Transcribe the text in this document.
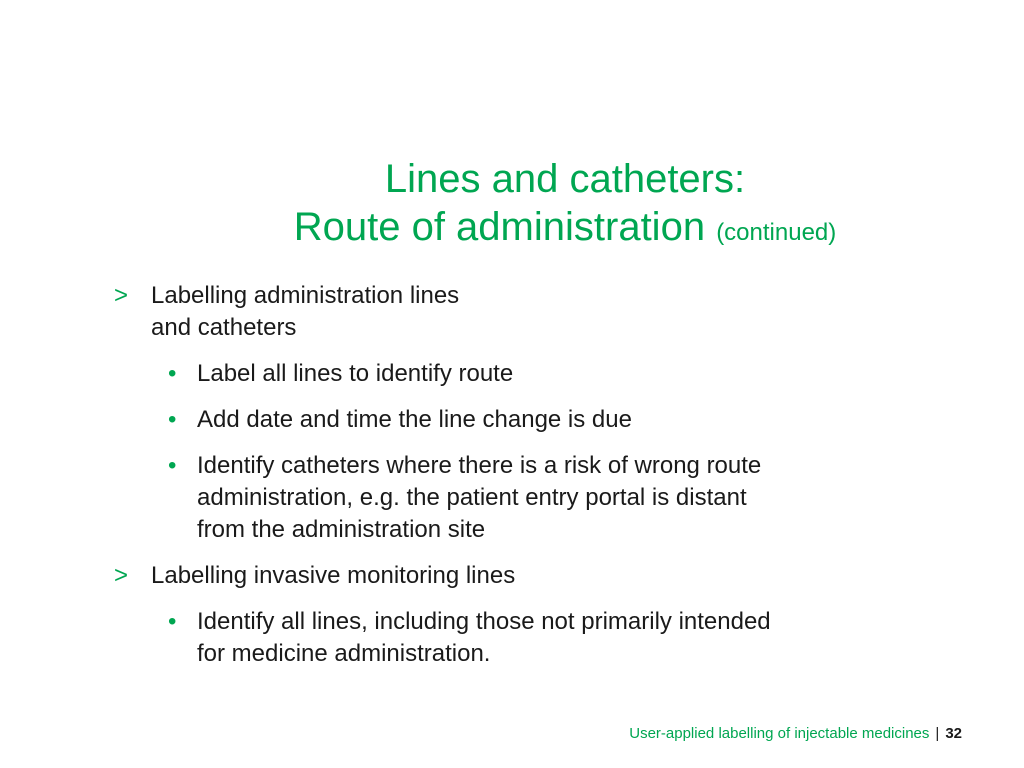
Lines and catheters:
Route of administration (continued)
> Labelling administration lines
and catheters
• Label all lines to identify route
• Add date and time the line change is due
• Identify catheters where there is a risk of wrong route
administration, e.g. the patient entry portal is distant
from the administration site
> Labelling invasive monitoring lines
• Identify all lines, including those not primarily intended
for medicine administration.
User-applied labelling of injectable medicines | 32
